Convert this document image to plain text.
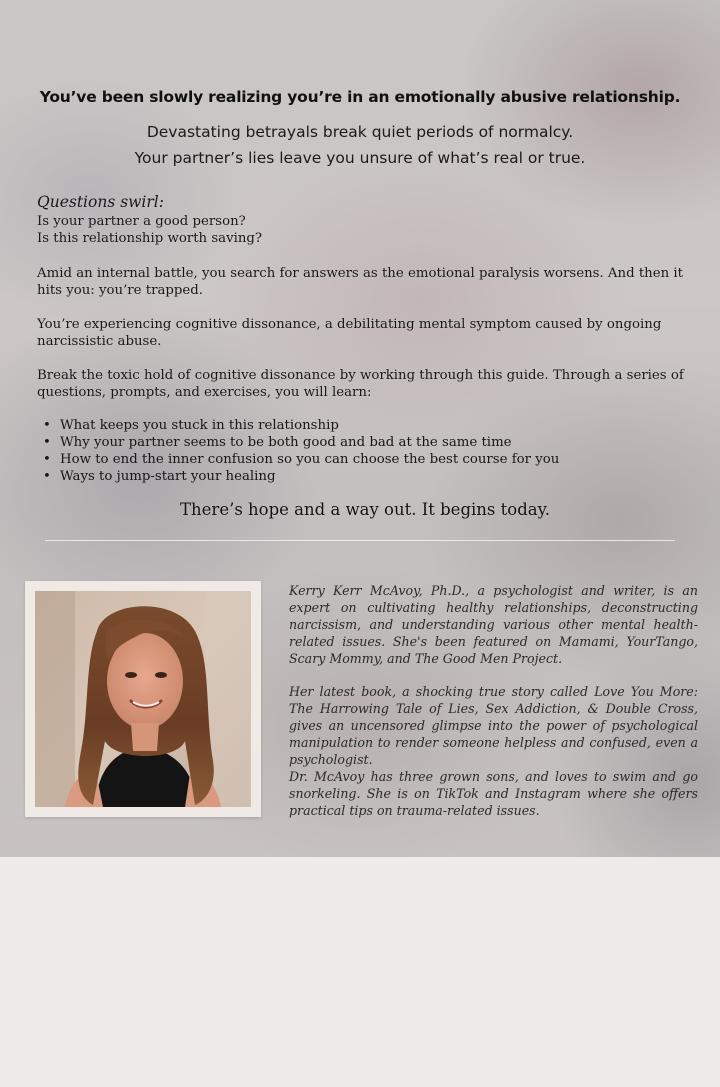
You’ve been slowly realizing you’re in an emotionally abusive relationship.
Devastating betrayals break quiet periods of normalcy.
Your partner’s lies leave you unsure of what’s real or true.
Questions swirl:
Is your partner a good person?
Is this relationship worth saving?
Amid an internal battle, you search for answers as the emotional paralysis worsens. And then it hits you: you’re trapped.
You’re experiencing cognitive dissonance, a debilitating mental symptom caused by ongoing narcissistic abuse.
Break the toxic hold of cognitive dissonance by working through this guide. Through a series of questions, prompts, and exercises, you will learn:
• What keeps you stuck in this relationship
• Why your partner seems to be both good and bad at the same time
• How to end the inner confusion so you can choose the best course for you
• Ways to jump-start your healing
There’s hope and a way out. It begins today.
Kerry Kerr McAvoy, Ph.D., a psychologist and writer, is an expert on cultivating healthy relationships, deconstructing narcissism, and understanding various other mental health-related issues. She's been featured on Mamami, YourTango, Scary Mommy, and The Good Men Project.
Her latest book, a shocking true story called Love You More: The Harrowing Tale of Lies, Sex Addiction, & Double Cross, gives an uncensored glimpse into the power of psychological manipulation to render someone helpless and confused, even a psychologist.
Dr. McAvoy has three grown sons, and loves to swim and go snorkeling. She is on TikTok and Instagram where she offers practical tips on trauma-related issues.
